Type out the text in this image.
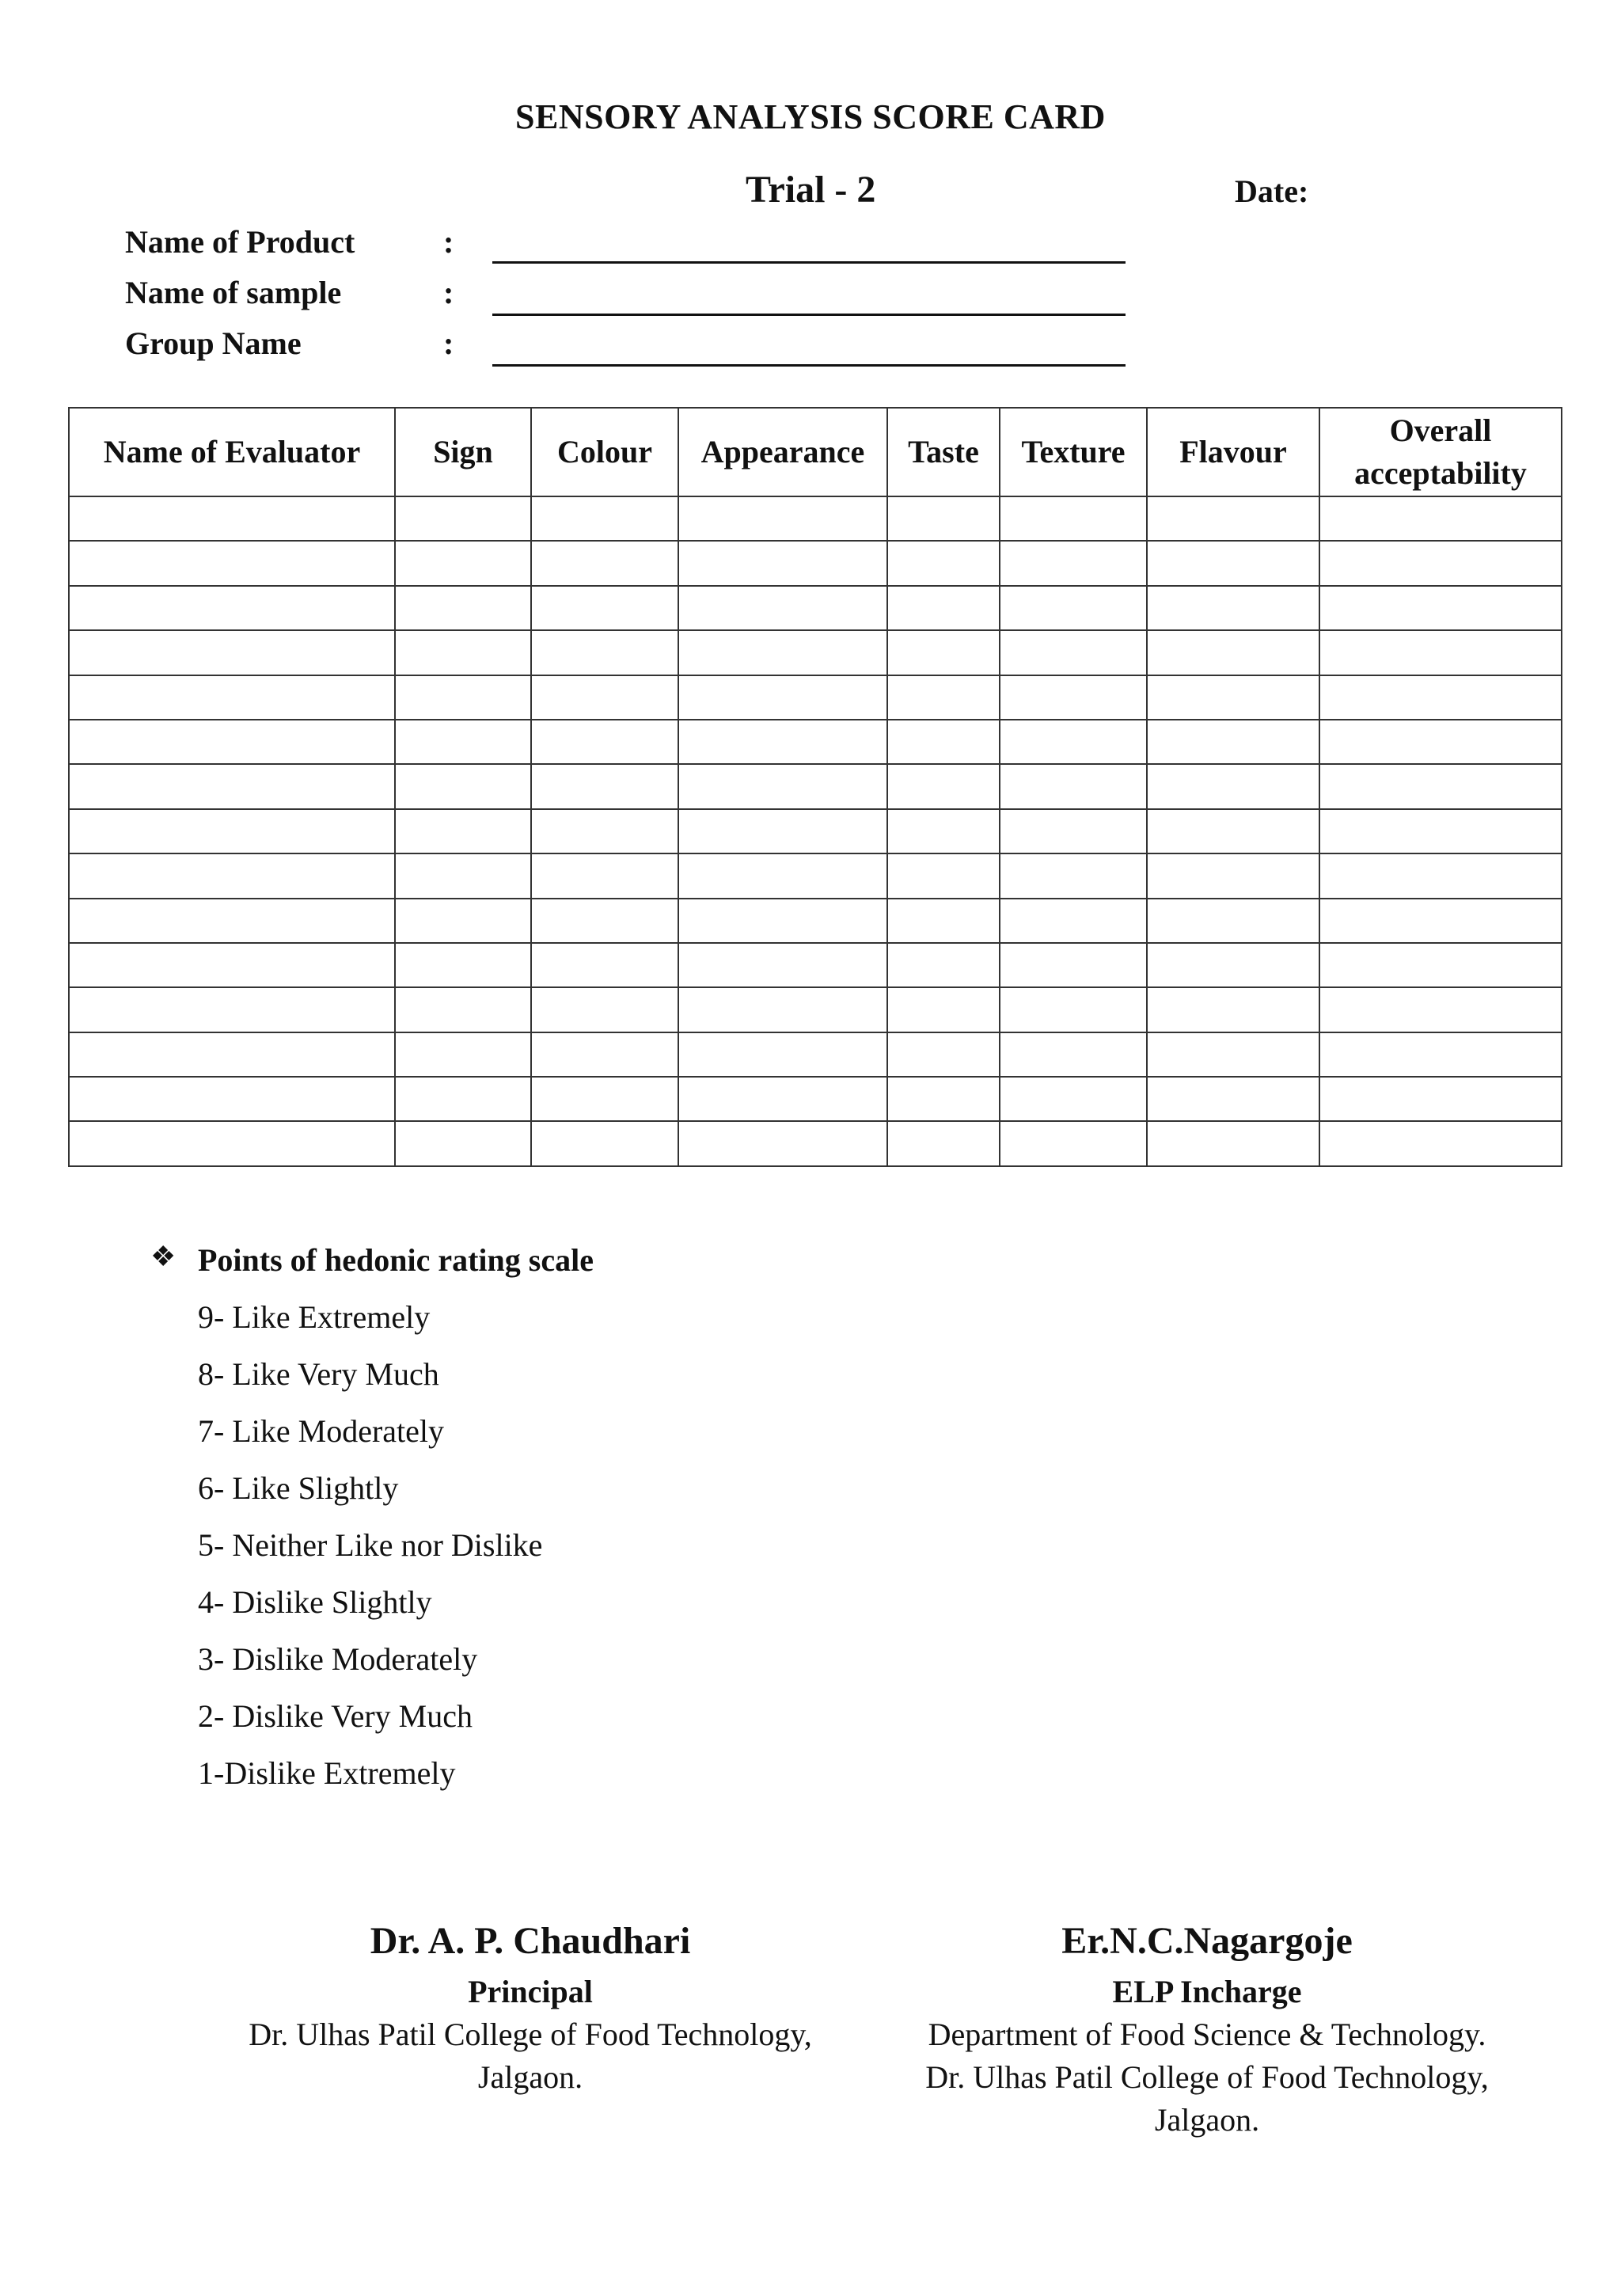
SENSORY ANALYSIS SCORE CARD
Trial - 2	Date:
Name of Product	:
Name of sample	:
Group Name	:
Name of Evaluator	Sign	Colour	Appearance	Taste	Texture	Flavour	Overall acceptability

❖ Points of hedonic rating scale
9- Like Extremely
8- Like Very Much
7- Like Moderately
6- Like Slightly
5- Neither Like nor Dislike
4- Dislike Slightly
3- Dislike Moderately
2- Dislike Very Much
1-Dislike Extremely
Dr. A. P. Chaudhari
Principal
Dr. Ulhas Patil College of Food Technology,
Jalgaon.
Er.N.C.Nagargoje
ELP Incharge
Department of Food Science & Technology.
Dr. Ulhas Patil College of Food Technology,
Jalgaon.
